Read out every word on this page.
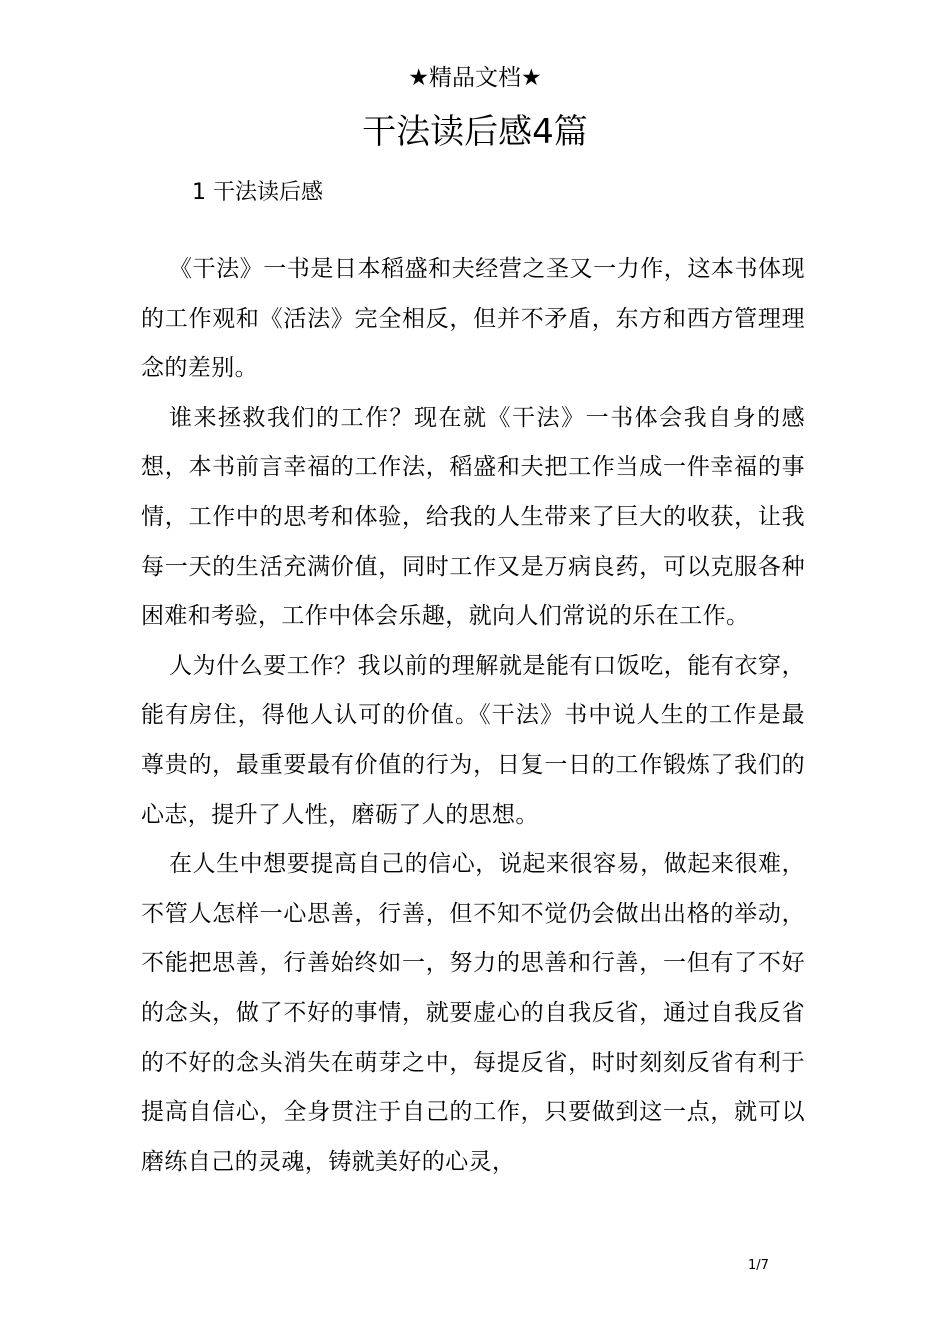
★精品文档★
干法读后感4篇
1 干法读后感

《干法》一书是日本稻盛和夫经营之圣又一力作，这本书体现的工作观和《活法》完全相反，但并不矛盾，东方和西方管理理念的差别。

谁来拯救我们的工作？现在就《干法》一书体会我自身的感想，本书前言幸福的工作法，稻盛和夫把工作当成一件幸福的事情，工作中的思考和体验，给我的人生带来了巨大的收获，让我每一天的生活充满价值，同时工作又是万病良药，可以克服各种困难和考验，工作中体会乐趣，就向人们常说的乐在工作。

人为什么要工作？我以前的理解就是能有口饭吃，能有衣穿，能有房住，得他人认可的价值。《干法》书中说人生的工作是最尊贵的，最重要最有价值的行为，日复一日的工作锻炼了我们的心志，提升了人性，磨砺了人的思想。

在人生中想要提高自己的信心，说起来很容易，做起来很难，不管人怎样一心思善，行善，但不知不觉仍会做出出格的举动，不能把思善，行善始终如一，努力的思善和行善，一但有了不好的念头，做了不好的事情，就要虚心的自我反省，通过自我反省的不好的念头消失在萌芽之中，每提反省，时时刻刻反省有利于提高自信心，全身贯注于自己的工作，只要做到这一点，就可以磨练自己的灵魂，铸就美好的心灵，

1/7
